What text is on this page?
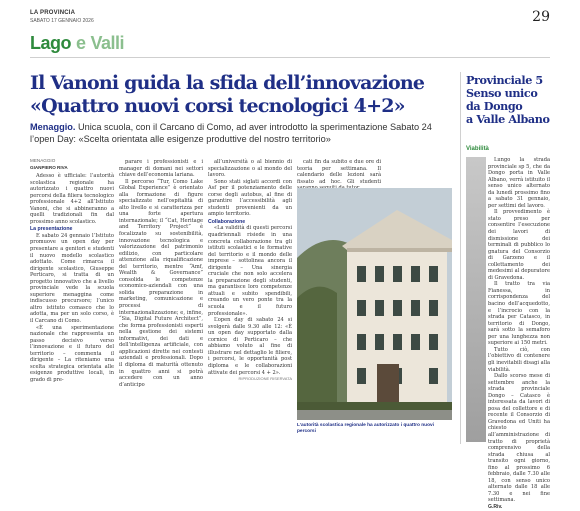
LA PROVINCIA
SABATO 17 GENNAIO 2026	29
Lago e Valli
Il Vanoni guida la sfida dell’innovazione
«Quattro nuovi corsi tecnologici 4+2»
Menaggio. Unica scuola, con il Carcano di Como, ad aver introdotto la sperimentazione Sabato 24 l’open Day: «Scelta orientata alle esigenze produttive del nostro territorio»
MENAGGIO
GIANPIERO RIVA

Adesso è ufficiale: l’autorità scolastica regionale ha autorizzato i quattro nuovi percorsi della filiera tecnologico professionale 4+2 all’Istituto Vanoni, che si abbineranno a quelli tradizionali fin dal prossimo anno scolastico.

La presentazione

E sabato 24 gennaio l’Istituto promuove un open day per presentare a genitori e studenti il nuovo modello scolastico adottato. Come rimarca il dirigente scolastico, Giuseppe Perticaro, si tratta di un progetto innovativo che a livello provinciale vede la scuola superiore menaggina come indiscusso precursore; l’unico altro istituto comasco che lo adotta, ma per un solo corso, è il Carcano di Como.

«È una sperimentazione nazionale che rappresenta un passo decisivo verso l’innovazione e il futuro del territorio – commenta il dirigente – La riteniamo una scelta strategica orientata alle esigenze produttive locali, in grado di pre-

parare i professionisti e i manager di domani nei settori chiave dell’economia lariana.

Il percorso “Tur, Como Lake Global Experience” è orientato alla formazione di figure specializzate nell’ospitalità di alto livello e si caratterizza per una forte apertura internazionale; il “Cat, Heritage and Territory Project” è focalizzato su sostenibilità, innovazione tecnologica e valorizzazione del patrimonio edilizio, con particolare attenzione alla riqualificazione del territorio, mentre “Amf, Wealth & Governance” consolida le competenze economico-aziendali con una solida preparazione in marketing, comunicazione e processi di internazionalizzazione; e, infine, “Sia, Digital Future Architect”, che forma professionisti esperti nella gestione dei sistemi informativi, dei dati e dell’intelligenza artificiale, con applicazioni dirette nei contesti aziendali e professionali. Dopo il diploma di maturità ottenuto in quattro anni si potrà accedere con un anno d’anticipo

all’università o al biennio di specializzazione o al mondo del lavoro.

Sono stati siglati accordi con Asf per il potenziamento delle corse degli autobus, al fine di garantire l’accessibilità agli studenti provenienti da un ampio territorio.

Collaborazione

«La validità di questi percorsi quadriennali risiede in una concreta collaborazione tra gli istituti scolastici e le formative del territorio e il mondo delle imprese – sottolinea ancora il dirigente – Una sinergia cruciale che non solo accelera la preparazione degli studenti, ma garantisce loro competenze attuali e subito spendibili, creando un vero ponte tra la scuola e il futuro professionale».

L’open day di sabato 24 si svolgerà dalle 9.30 alle 12: «È un open day supportato dalla cornice di Perticaro – che abbiamo voluto al fine di illustrare nel dettaglio le filiere, i percorsi, le opportunità post diploma e le collaborazioni attivate dei percorsi 4 + 2».

RIPRODUZIONE RISERVATA

cati fin da subito e due ore di teoria per settimana. Il calendario delle lezioni sarà fissato ad hoc. Gli studenti

L’autorità scolastica regionale ha autorizzato i quattro nuovi percorsi
Provinciale 5
Senso unico
da Dongo
a Valle Albano
Viabilità

Lungo la strada provinciale sp 5, che da Dongo porta in Valle Albano, verrà istituito il senso unico alternato da lunedì prossimo fino a sabato 31 gennaio, per settimi del lavoro.

Il provvedimento è stato preso per consentire l’esecuzione dei lavori di dismissione dei terminali di pubblico lo gnatura del Consorzio di Garzeno e il collettamento dei medesimi al depuratore di Gravedona.

Il tratto tra via Fianessa, in corrispondenza del bacino dell’acquedotto, e l’incrocio con la strada per Catasco, in territorio di Dongo, sarà sotto la semaforo per una lunghezza non superiore ai 150 metri.

Tutto ciò, con l’obiettivo di contenere gli inevitabili disagi alla viabilità.

Dallo scorso mese di settembre anche la strada provinciale Dongo – Catasco è interessata da lavori di posa del collettore e di recente il Consorzio di Gravedona ed Uniti ha chiesto all’amministrazione di tratto di proprietà comprensivo della strada chiusa al transito ogni giorno, fino al prossimo 6 febbraio, dalle 7.30 alle 18, con senso unico alternato dalle 18 alle 7.30 e nei fine settimana.

G.Riv.
